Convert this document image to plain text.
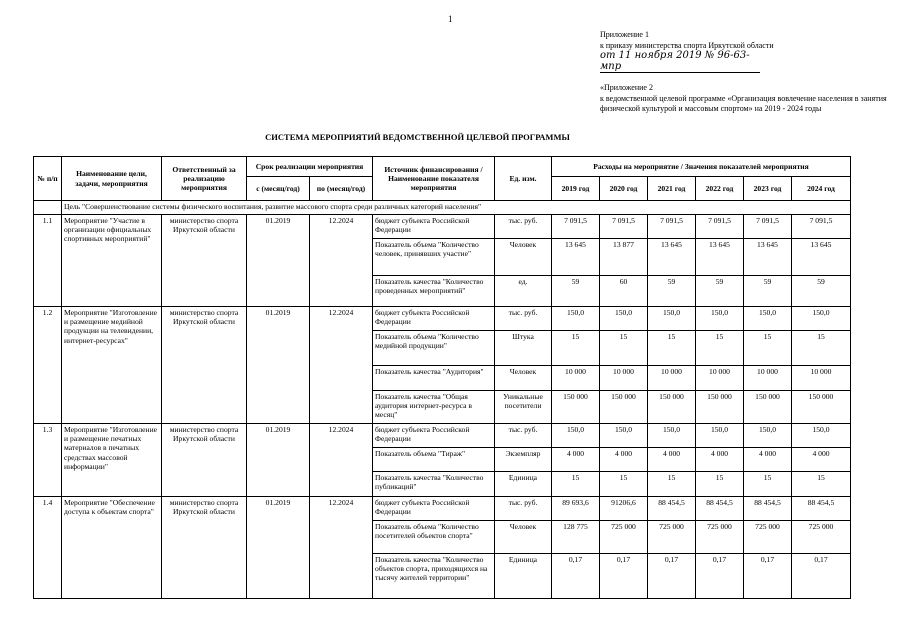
1
Приложение 1
к приказу министерства спорта Иркутской области
от 11 ноября 2019 № 96-63-мпр
«Приложение 2
к ведомственной целевой программе «Организация вовлечение населения в занятия физической культурой и массовым спортом» на 2019 - 2024 годы
СИСТЕМА МЕРОПРИЯТИЙ ВЕДОМСТВЕННОЙ ЦЕЛЕВОЙ ПРОГРАММЫ
№ п/п	Наименование цели, задачи, мероприятия	Ответственный за реализацию мероприятия	Срок реализации мероприятия		Источник финансирования / Наименование показателя мероприятия	Ед. изм.	Расходы на мероприятие / Значения показателей мероприятия					
			с (месяц/год)	по (месяц/год)			2019 год	2020 год	2021 год	2022 год	2023 год	2024 год
	Цель "Совершенствование системы физического воспитания, развитие массового спорта среди различных категорий населения"											
1.1	Мероприятие "Участие в организации официальных спортивных мероприятий"	министерство спорта Иркутской области	01.2019	12.2024	бюджет субъекта Российской Федерации	тыс. руб.	7 091,5	7 091,5	7 091,5	7 091,5	7 091,5	7 091,5
					Показатель объема "Количество человек, принявших участие"	Человек	13 645	13 877	13 645	13 645	13 645	13 645
					Показатель качества "Количество проведенных мероприятий"	ед.	59	60	59	59	59	59
1.2	Мероприятие "Изготовление и размещение медийной продукции на телевидении, интернет-ресурсах"	министерство спорта Иркутской области	01.2019	12.2024	бюджет субъекта Российской Федерации	тыс. руб.	150,0	150,0	150,0	150,0	150,0	150,0
					Показатель объема "Количество медийной продукции"	Штука	15	15	15	15	15	15
					Показатель качества "Аудитория"	Человек	10 000	10 000	10 000	10 000	10 000	10 000
					Показатель качества "Общая аудитория интернет-ресурса в месяц"	Уникальные посетители	150 000	150 000	150 000	150 000	150 000	150 000
1.3	Мероприятие "Изготовление и размещение печатных материалов в печатных средствах массовой информации"	министерство спорта Иркутской области	01.2019	12.2024	бюджет субъекта Российской Федерации	тыс. руб.	150,0	150,0	150,0	150,0	150,0	150,0
					Показатель объема "Тираж"	Экземпляр	4 000	4 000	4 000	4 000	4 000	4 000
					Показатель качества "Количество публикаций"	Единица	15	15	15	15	15	15
1.4	Мероприятие "Обеспечение доступа к объектам спорта"	министерство спорта Иркутской области	01.2019	12.2024	бюджет субъекта Российской Федерации	тыс. руб.	89 693,6	91206,6	88 454,5	88 454,5	88 454,5	88 454,5
					Показатель объема "Количество посетителей объектов спорта"	Человек	128 775	725 000	725 000	725 000	725 000	725 000
					Показатель качества "Количество объектов спорта, приходящихся на тысячу жителей территории"	Единица	0,17	0,17	0,17	0,17	0,17	0,17
